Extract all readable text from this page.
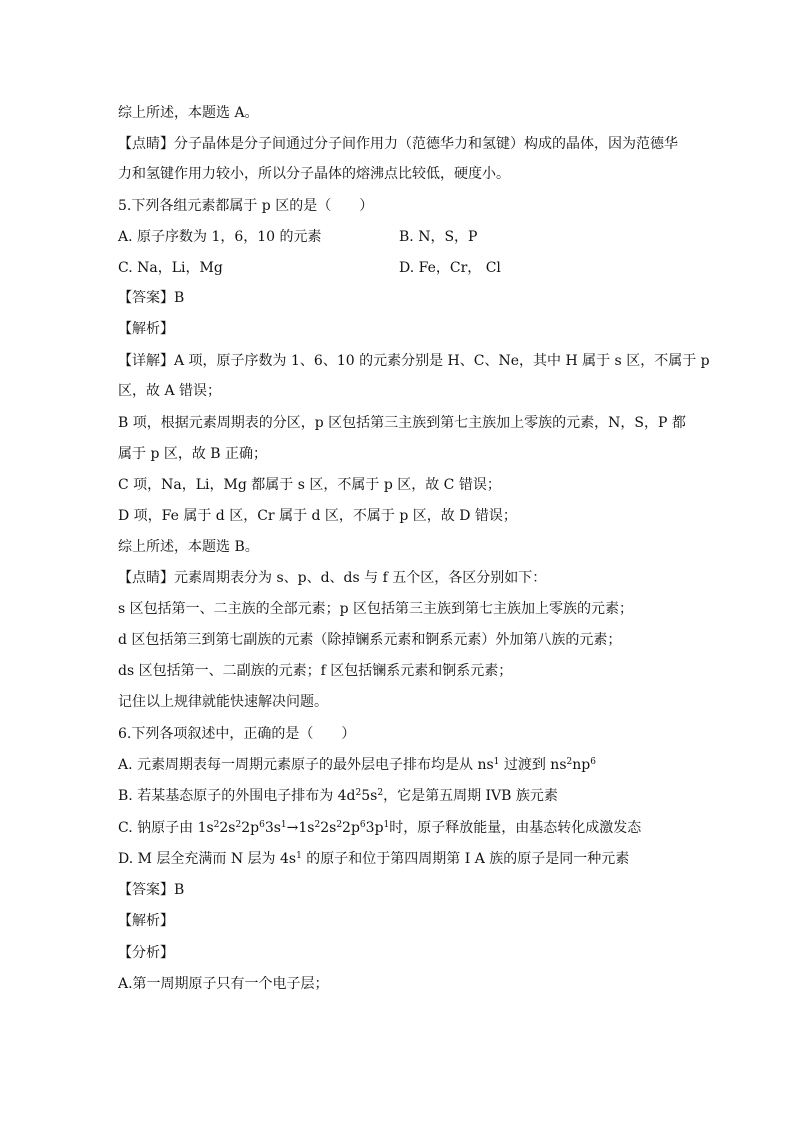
综上所述，本题选 A。
【点睛】分子晶体是分子间通过分子间作用力（范德华力和氢键）构成的晶体，因为范德华
力和氢键作用力较小，所以分子晶体的熔沸点比较低，硬度小。
5.下列各组元素都属于 p 区的是（　　）
A. 原子序数为 1，6，10 的元素	B. N，S，P
C. Na，Li，Mg	D. Fe，Cr， Cl
【答案】B
【解析】
【详解】A 项，原子序数为 1、6、10 的元素分别是 H、C、Ne，其中 H 属于 s 区，不属于 p
区，故 A 错误；
B 项，根据元素周期表的分区，p 区包括第三主族到第七主族加上零族的元素，N，S，P 都
属于 p 区，故 B 正确；
C 项，Na，Li，Mg 都属于 s 区，不属于 p 区，故 C 错误；
D 项，Fe 属于 d 区，Cr 属于 d 区，不属于 p 区，故 D 错误；
综上所述，本题选 B。
【点睛】元素周期表分为 s、p、d、ds 与 f 五个区，各区分别如下：
s 区包括第一、二主族的全部元素；p 区包括第三主族到第七主族加上零族的元素；
d 区包括第三到第七副族的元素（除掉镧系元素和锕系元素）外加第八族的元素；
ds 区包括第一、二副族的元素；f 区包括镧系元素和锕系元素；
记住以上规律就能快速解决问题。
6.下列各项叙述中，正确的是（　　）
A. 元素周期表每一周期元素原子的最外层电子排布均是从 $ns^1$ 过渡到 $ns^2np^6$
B. 若某基态原子的外围电子排布为 $4d^25s^2$，它是第五周期 IVB 族元素
C. 钠原子由 $1s^22s^22p^63s^1\to 1s^22s^22p^63p^1$时，原子释放能量，由基态转化成激发态
D. M 层全充满而 N 层为 $4s^1$ 的原子和位于第四周期第 I A 族的原子是同一种元素
【答案】B
【解析】
【分析】
A.第一周期原子只有一个电子层；
